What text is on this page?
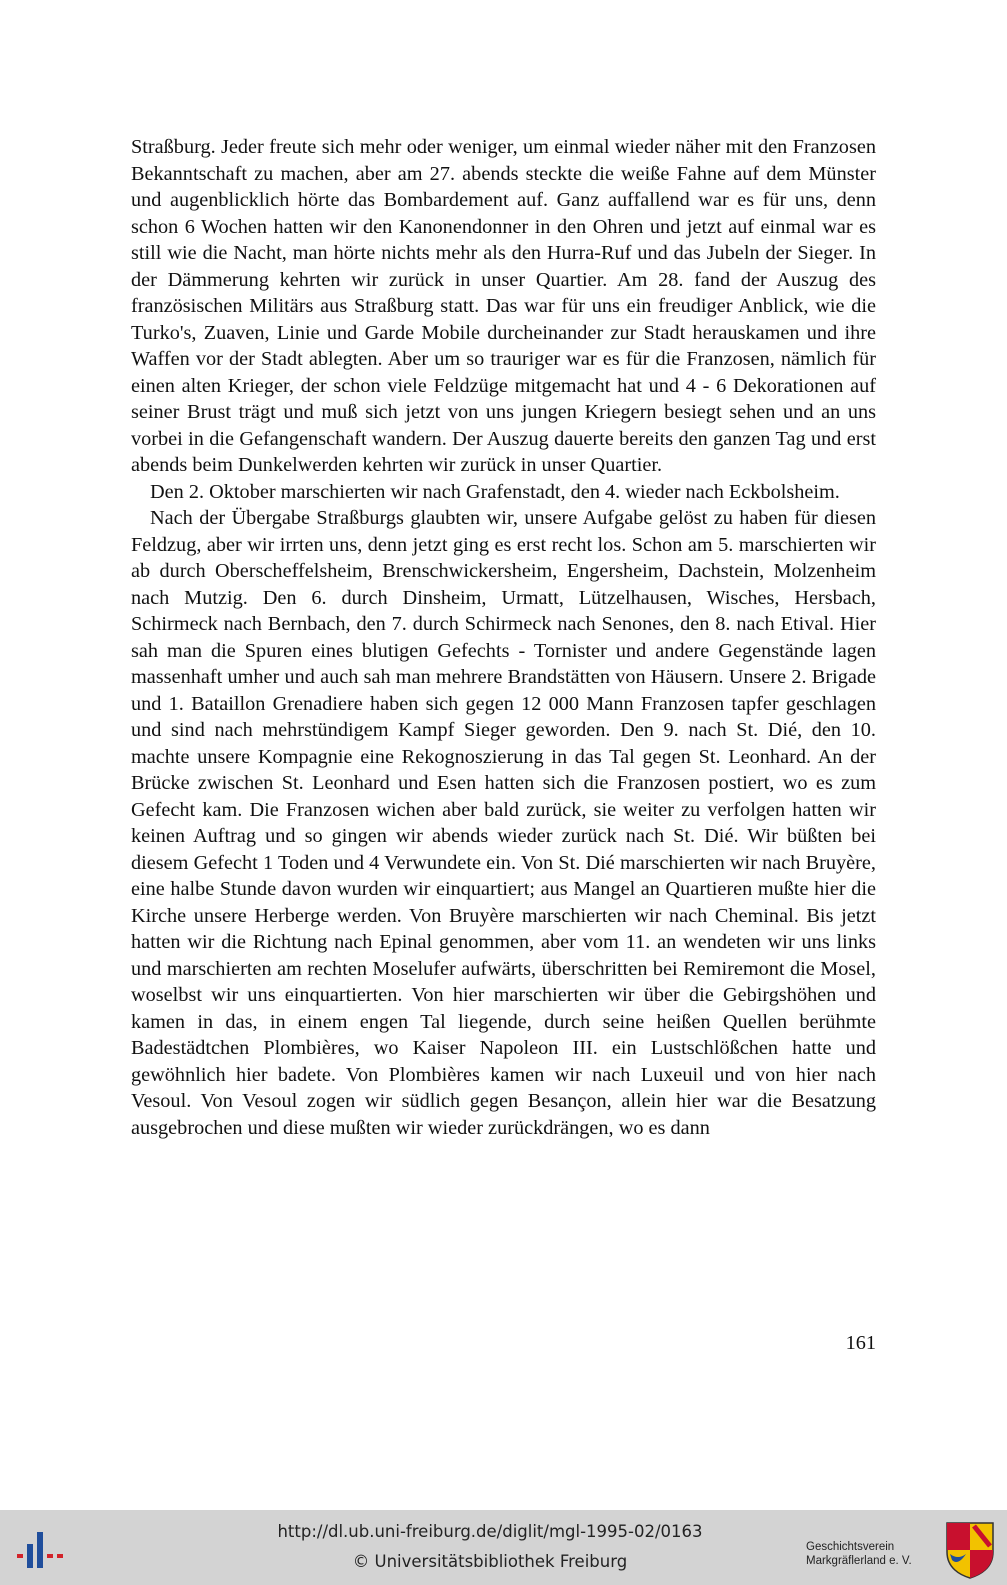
Straßburg. Jeder freute sich mehr oder weniger, um einmal wieder näher mit den Franzosen Bekanntschaft zu machen, aber am 27. abends steckte die weiße Fahne auf dem Münster und augenblicklich hörte das Bombardement auf. Ganz auffallend war es für uns, denn schon 6 Wochen hatten wir den Kanonendonner in den Ohren und jetzt auf einmal war es still wie die Nacht, man hörte nichts mehr als den Hurra-Ruf und das Jubeln der Sieger. In der Dämmerung kehrten wir zurück in unser Quartier. Am 28. fand der Auszug des französischen Militärs aus Straßburg statt. Das war für uns ein freudiger Anblick, wie die Turko's, Zuaven, Linie und Garde Mobile durcheinander zur Stadt herauskamen und ihre Waffen vor der Stadt ablegten. Aber um so trauriger war es für die Franzosen, nämlich für einen alten Krieger, der schon viele Feldzüge mitgemacht hat und 4 - 6 Dekorationen auf seiner Brust trägt und muß sich jetzt von uns jungen Kriegern besiegt sehen und an uns vorbei in die Gefangenschaft wandern. Der Auszug dauerte bereits den ganzen Tag und erst abends beim Dunkelwerden kehrten wir zurück in unser Quartier.

Den 2. Oktober marschierten wir nach Grafenstadt, den 4. wieder nach Eckbolsheim.

Nach der Übergabe Straßburgs glaubten wir, unsere Aufgabe gelöst zu haben für diesen Feldzug, aber wir irrten uns, denn jetzt ging es erst recht los. Schon am 5. marschierten wir ab durch Oberscheffelsheim, Brenschwickersheim, Engersheim, Dachstein, Molzenheim nach Mutzig. Den 6. durch Dinsheim, Urmatt, Lützelhausen, Wisches, Hersbach, Schirmeck nach Bernbach, den 7. durch Schirmeck nach Senones, den 8. nach Etival. Hier sah man die Spuren eines blutigen Gefechts - Tornister und andere Gegenstände lagen massenhaft umher und auch sah man mehrere Brandstätten von Häusern. Unsere 2. Brigade und 1. Bataillon Grenadiere haben sich gegen 12 000 Mann Franzosen tapfer geschlagen und sind nach mehrstündigem Kampf Sieger geworden. Den 9. nach St. Dié, den 10. machte unsere Kompagnie eine Rekognoszierung in das Tal gegen St. Leonhard. An der Brücke zwischen St. Leonhard und Esen hatten sich die Franzosen postiert, wo es zum Gefecht kam. Die Franzosen wichen aber bald zurück, sie weiter zu verfolgen hatten wir keinen Auftrag und so gingen wir abends wieder zurück nach St. Dié. Wir büßten bei diesem Gefecht 1 Toden und 4 Verwundete ein. Von St. Dié marschierten wir nach Bruyère, eine halbe Stunde davon wurden wir einquartiert; aus Mangel an Quartieren mußte hier die Kirche unsere Herberge werden. Von Bruyère marschierten wir nach Cheminal. Bis jetzt hatten wir die Richtung nach Epinal genommen, aber vom 11. an wendeten wir uns links und marschierten am rechten Moselufer aufwärts, überschritten bei Remiremont die Mosel, woselbst wir uns einquartierten. Von hier marschierten wir über die Gebirgshöhen und kamen in das, in einem engen Tal liegende, durch seine heißen Quellen berühmte Badestädtchen Plombières, wo Kaiser Napoleon III. ein Lustschlößchen hatte und gewöhnlich hier badete. Von Plombières kamen wir nach Luxeuil und von hier nach Vesoul. Von Vesoul zogen wir südlich gegen Besançon, allein hier war die Besatzung ausgebrochen und diese mußten wir wieder zurückdrängen, wo es dann

161
http://dl.ub.uni-freiburg.de/diglit/mgl-1995-02/0163
© Universitätsbibliothek Freiburg
Geschichtsverein
Markgräflerland e. V.
